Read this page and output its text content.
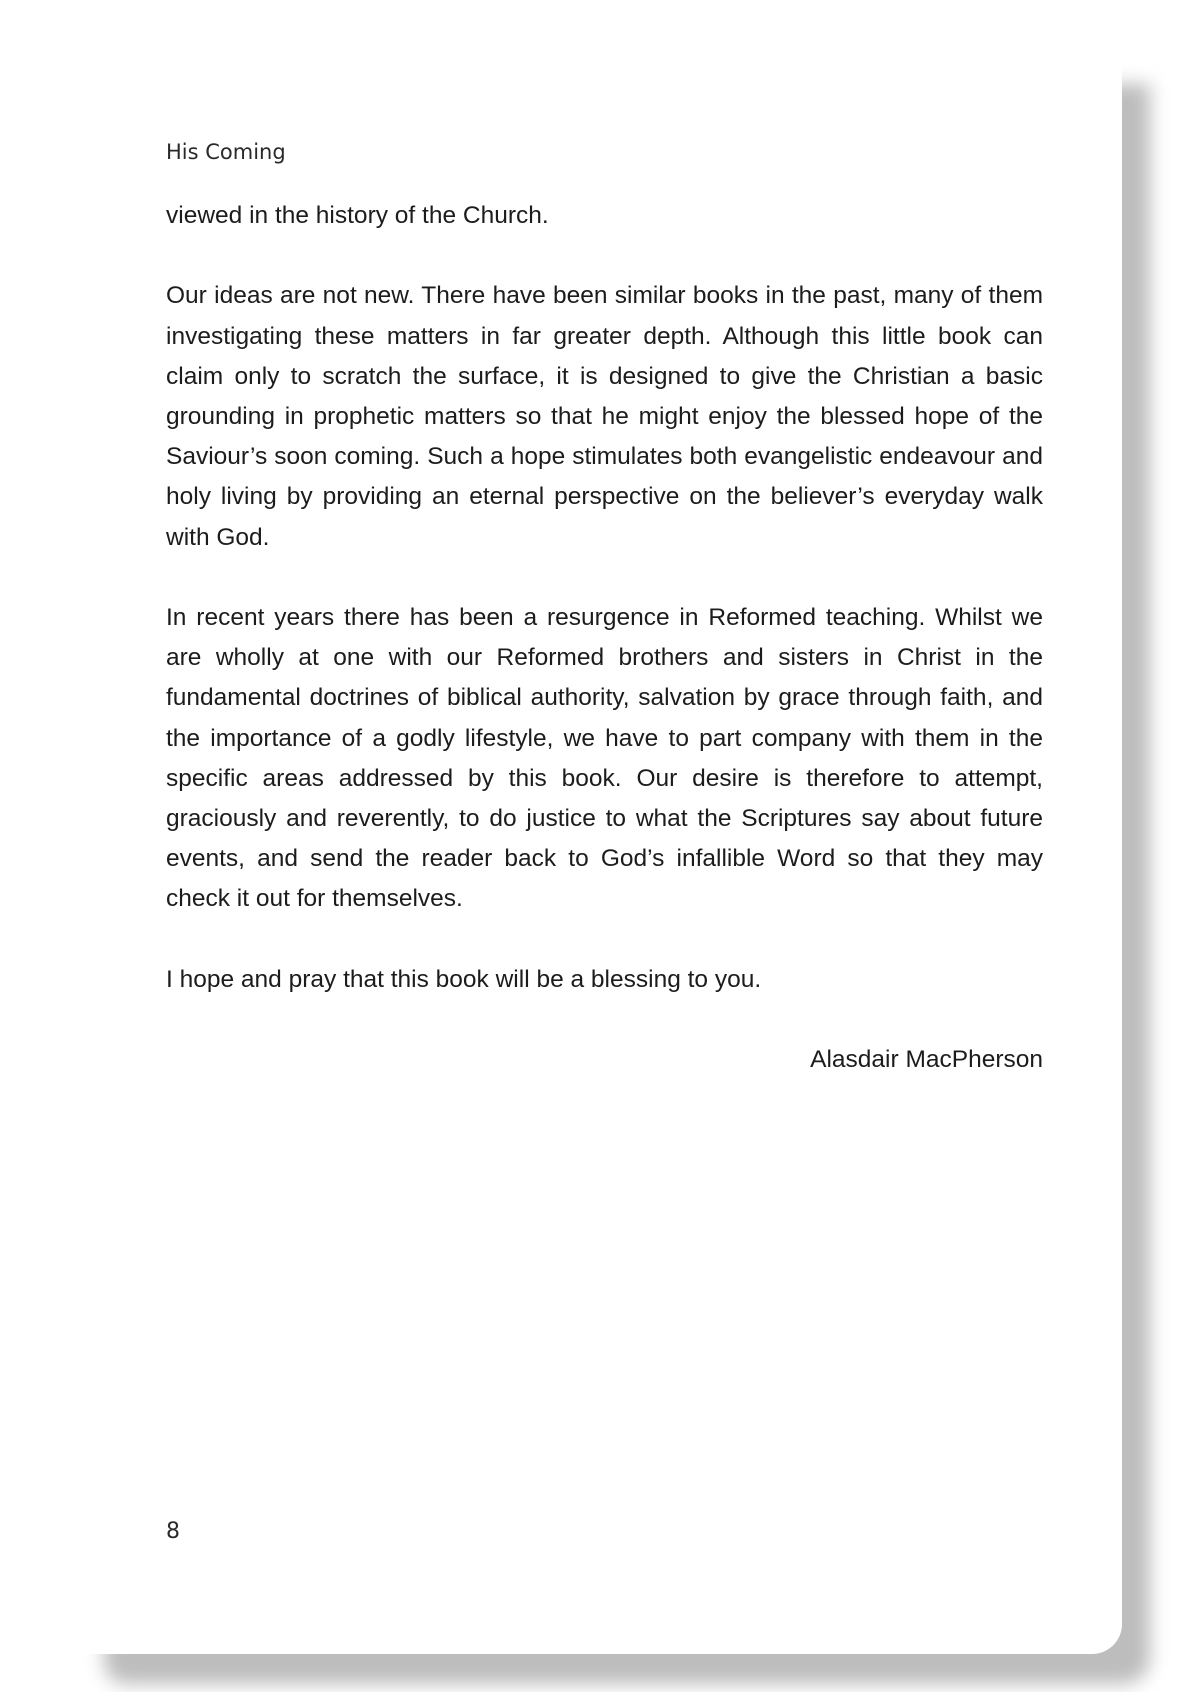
His Coming

viewed in the history of the Church.

Our ideas are not new. There have been similar books in the past, many of them investigating these matters in far greater depth. Although this little book can claim only to scratch the surface, it is designed to give the Christian a basic grounding in prophetic matters so that he might enjoy the blessed hope of the Saviour’s soon coming. Such a hope stimulates both evangelistic endeavour and holy living by providing an eternal perspective on the believer’s everyday walk with God.

In recent years there has been a resurgence in Reformed teaching. Whilst we are wholly at one with our Reformed brothers and sisters in Christ in the fundamental doctrines of biblical authority, salvation by grace through faith, and the importance of a godly lifestyle, we have to part company with them in the specific areas addressed by this book. Our desire is therefore to attempt, graciously and reverently, to do justice to what the Scriptures say about future events, and send the reader back to God’s infallible Word so that they may check it out for themselves.

I hope and pray that this book will be a blessing to you.

Alasdair MacPherson

8
